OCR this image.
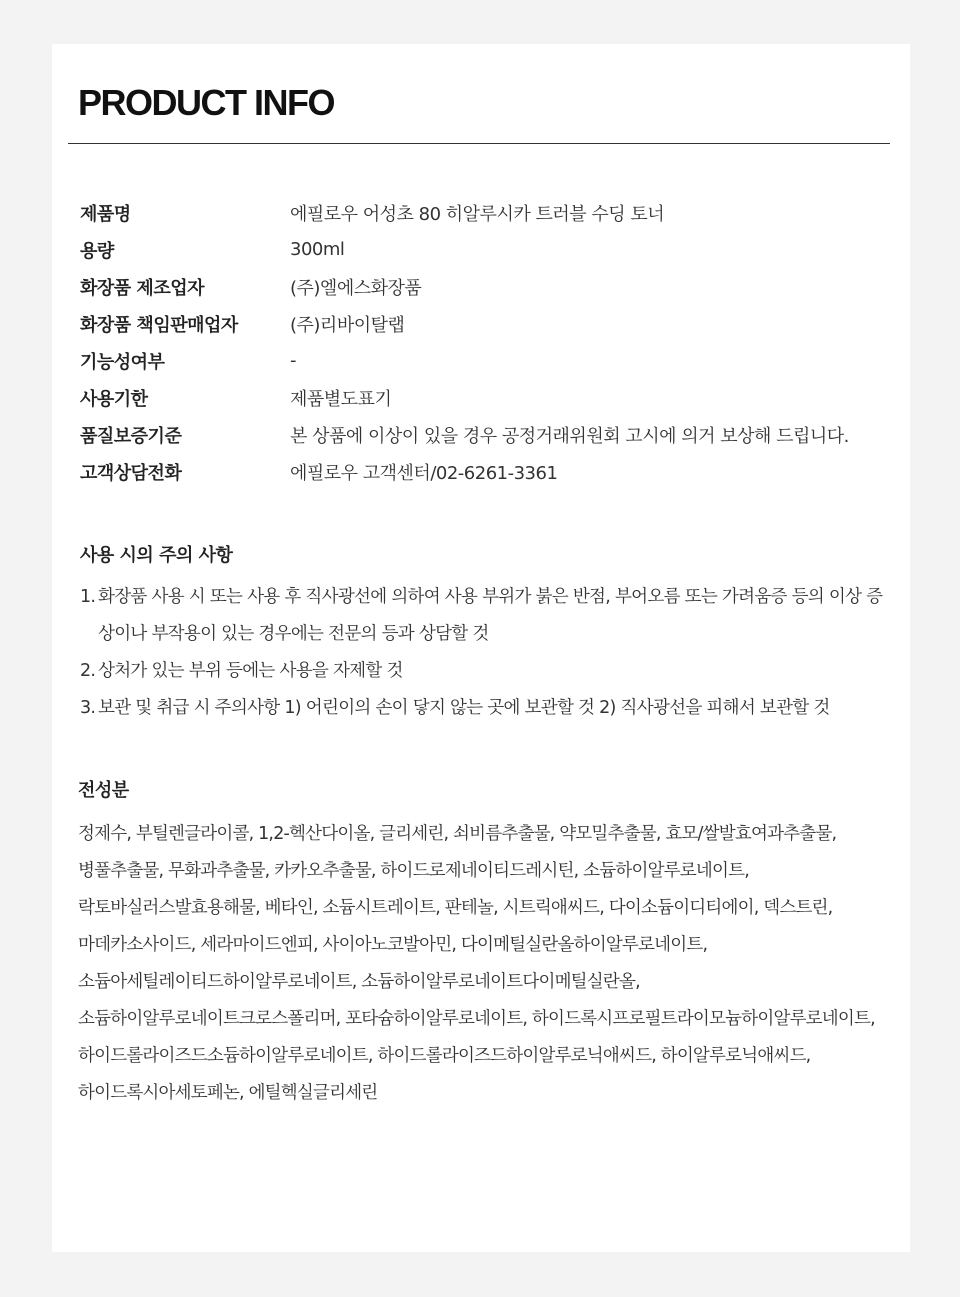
PRODUCT INFO
제품명	에필로우 어성초 80 히알루시카 트러블 수딩 토너
용량	300ml
화장품 제조업자	(주)엘에스화장품
화장품 책임판매업자	(주)리바이탈랩
기능성여부	-
사용기한	제품별도표기
품질보증기준	본 상품에 이상이 있을 경우 공정거래위원회 고시에 의거 보상해 드립니다.
고객상담전화	에필로우 고객센터/02-6261-3361
사용 시의 주의 사항
1. 화장품 사용 시 또는 사용 후 직사광선에 의하여 사용 부위가 붉은 반점, 부어오름 또는 가려움증 등의 이상 증상이나 부작용이 있는 경우에는 전문의 등과 상담할 것
2. 상처가 있는 부위 등에는 사용을 자제할 것
3. 보관 및 취급 시 주의사항 1) 어린이의 손이 닿지 않는 곳에 보관할 것 2) 직사광선을 피해서 보관할 것
전성분

정제수, 부틸렌글라이콜, 1,2-헥산다이올, 글리세린, 쇠비름추출물, 약모밀추출물, 효모/쌀발효여과추출물, 병풀추출물, 무화과추출물, 카카오추출물, 하이드로제네이티드레시틴, 소듐하이알루로네이트, 락토바실러스발효용해물, 베타인, 소듐시트레이트, 판테놀, 시트릭애씨드, 다이소듐이디티에이, 덱스트린, 마데카소사이드, 세라마이드엔피, 사이아노코발아민, 다이메틸실란올하이알루로네이트, 소듐아세틸레이티드하이알루로네이트, 소듐하이알루로네이트다이메틸실란올, 소듐하이알루로네이트크로스폴리머, 포타슘하이알루로네이트, 하이드록시프로필트라이모늄하이알루로네이트, 하이드롤라이즈드소듐하이알루로네이트, 하이드롤라이즈드하이알루로닉애씨드, 하이알루로닉애씨드, 하이드록시아세토페논, 에틸헥실글리세린
